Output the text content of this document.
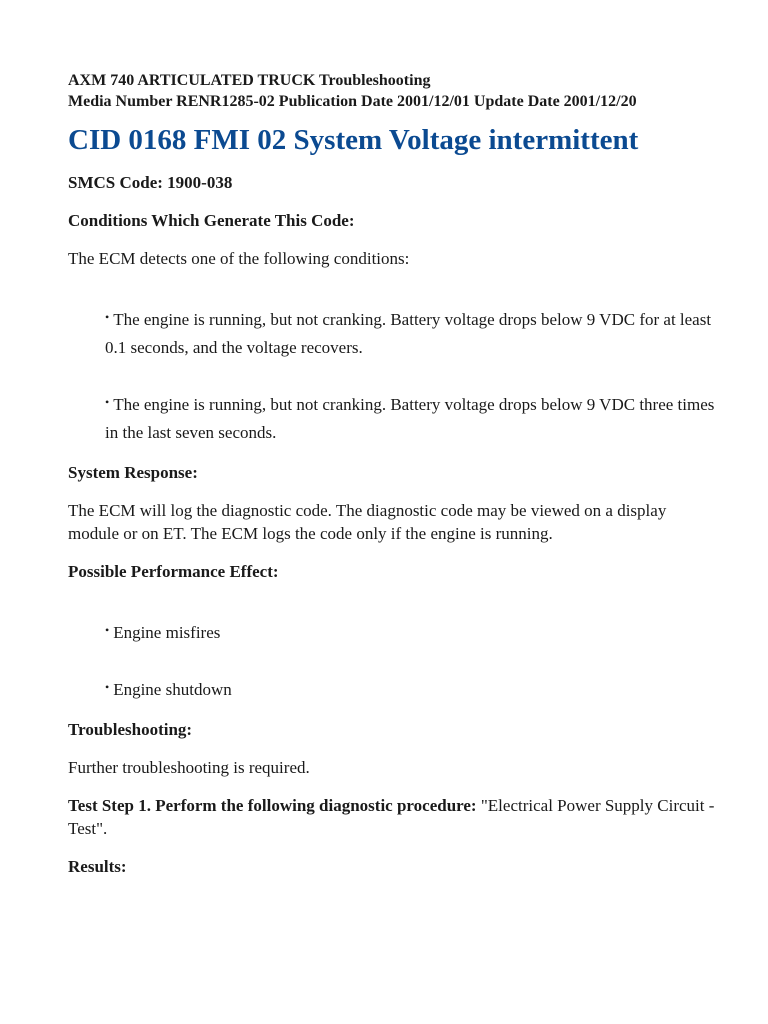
AXM 740 ARTICULATED TRUCK Troubleshooting

Media Number RENR1285-02 Publication Date 2001/12/01 Update Date 2001/12/20

CID 0168 FMI 02 System Voltage intermittent

SMCS Code: 1900-038

Conditions Which Generate This Code:

The ECM detects one of the following conditions:

• The engine is running, but not cranking. Battery voltage drops below 9 VDC for at least 0.1 seconds, and the voltage recovers.
• The engine is running, but not cranking. Battery voltage drops below 9 VDC three times in the last seven seconds.

System Response:

The ECM will log the diagnostic code. The diagnostic code may be viewed on a display module or on ET. The ECM logs the code only if the engine is running.

Possible Performance Effect:

• Engine misfires
• Engine shutdown

Troubleshooting:

Further troubleshooting is required.

Test Step 1. Perform the following diagnostic procedure: "Electrical Power Supply Circuit - Test".

Results:
